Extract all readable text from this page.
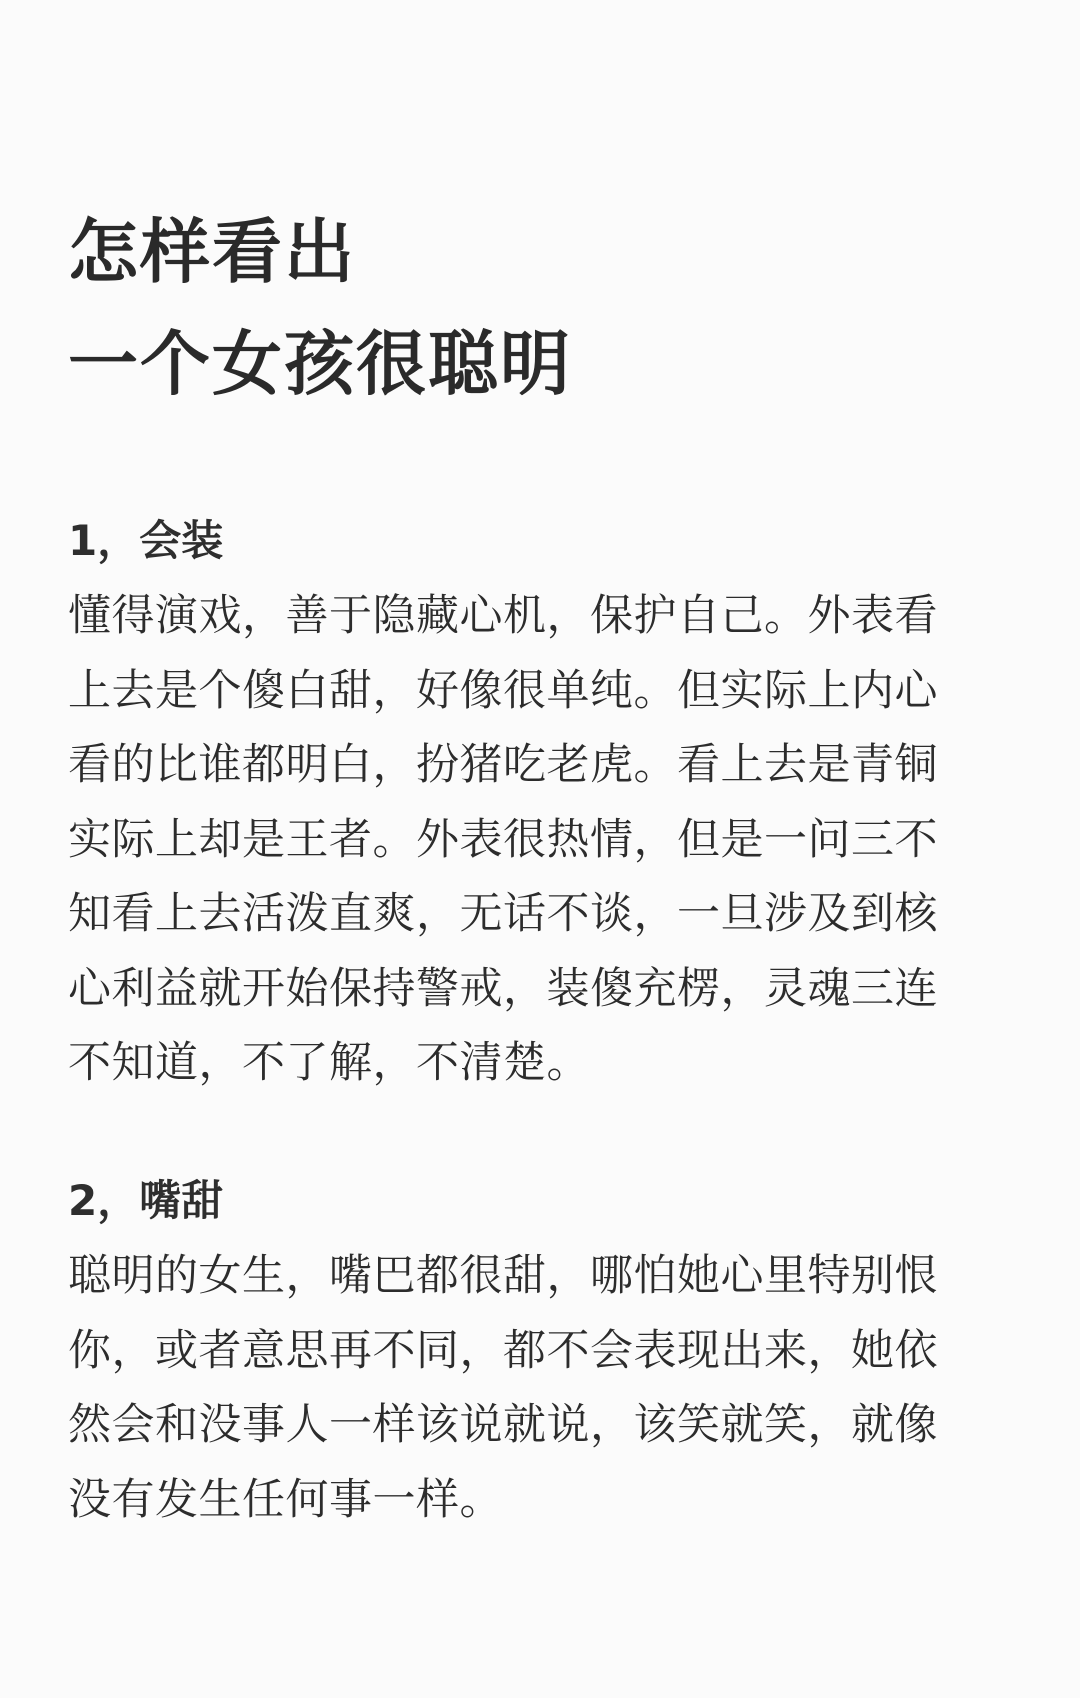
怎样看出
一个女孩很聪明
1，会装
懂得演戏，善于隐藏心机，保护自己。外表看
上去是个傻白甜，好像很单纯。但实际上内心
看的比谁都明白，扮猪吃老虎。看上去是青铜
实际上却是王者。外表很热情，但是一问三不
知看上去活泼直爽，无话不谈，一旦涉及到核
心利益就开始保持警戒，装傻充楞，灵魂三连
不知道，不了解，不清楚。
2，嘴甜
聪明的女生，嘴巴都很甜，哪怕她心里特别恨
你，或者意思再不同，都不会表现出来，她依
然会和没事人一样该说就说，该笑就笑，就像
没有发生任何事一样。
